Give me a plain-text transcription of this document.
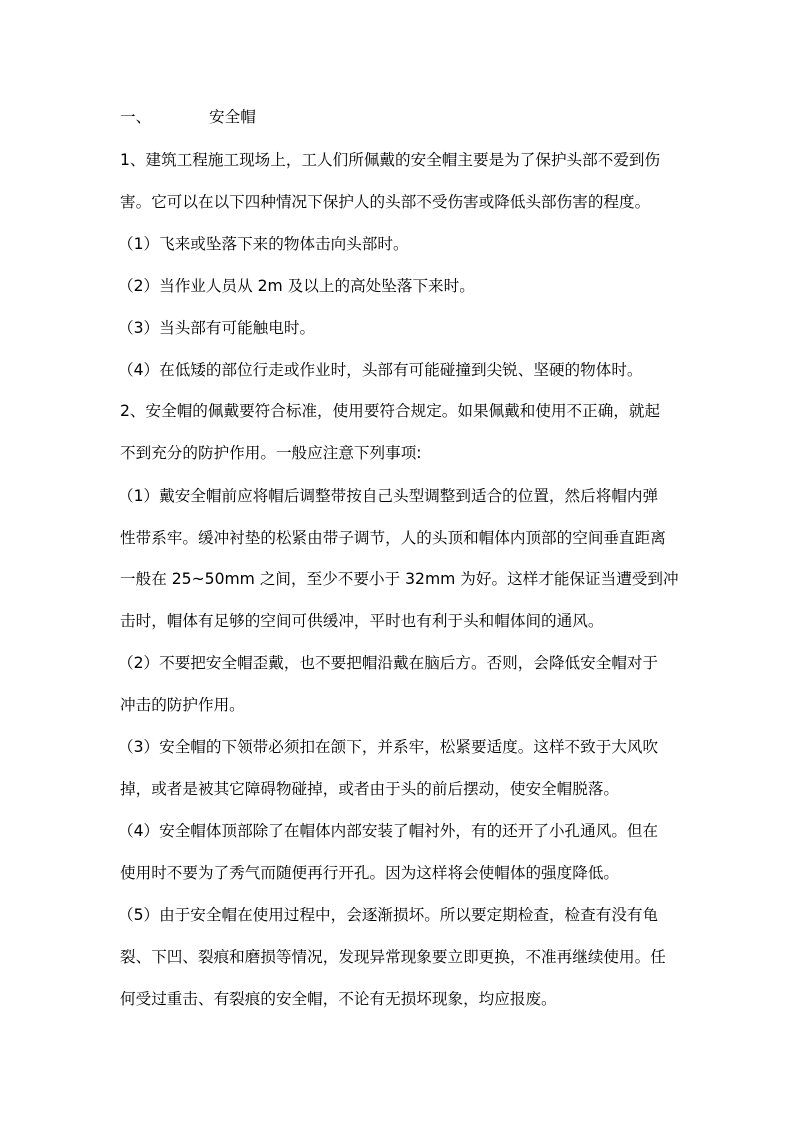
一、	安全帽
1、建筑工程施工现场上，工人们所佩戴的安全帽主要是为了保护头部不爱到伤
害。它可以在以下四种情况下保护人的头部不受伤害或降低头部伤害的程度。
（1）飞来或坠落下来的物体击向头部时。
（2）当作业人员从 2m 及以上的高处坠落下来时。
（3）当头部有可能触电时。
（4）在低矮的部位行走或作业时，头部有可能碰撞到尖锐、坚硬的物体时。
2、安全帽的佩戴要符合标准，使用要符合规定。如果佩戴和使用不正确，就起
不到充分的防护作用。一般应注意下列事项:
（1）戴安全帽前应将帽后调整带按自己头型调整到适合的位置，然后将帽内弹
性带系牢。缓冲衬垫的松紧由带子调节，人的头顶和帽体内顶部的空间垂直距离
一般在 25~50mm 之间，至少不要小于 32mm 为好。这样才能保证当遭受到冲
击时，帽体有足够的空间可供缓冲，平时也有利于头和帽体间的通风。
（2）不要把安全帽歪戴，也不要把帽沿戴在脑后方。否则，会降低安全帽对于
冲击的防护作用。
（3）安全帽的下领带必须扣在颌下，并系牢，松紧要适度。这样不致于大风吹
掉，或者是被其它障碍物碰掉，或者由于头的前后摆动，使安全帽脱落。
（4）安全帽体顶部除了在帽体内部安装了帽衬外，有的还开了小孔通风。但在
使用时不要为了秀气而随便再行开孔。因为这样将会使帽体的强度降低。
（5）由于安全帽在使用过程中，会逐渐损坏。所以要定期检查，检查有没有龟
裂、下凹、裂痕和磨损等情况，发现异常现象要立即更换，不准再继续使用。任
何受过重击、有裂痕的安全帽，不论有无损坏现象，均应报废。
